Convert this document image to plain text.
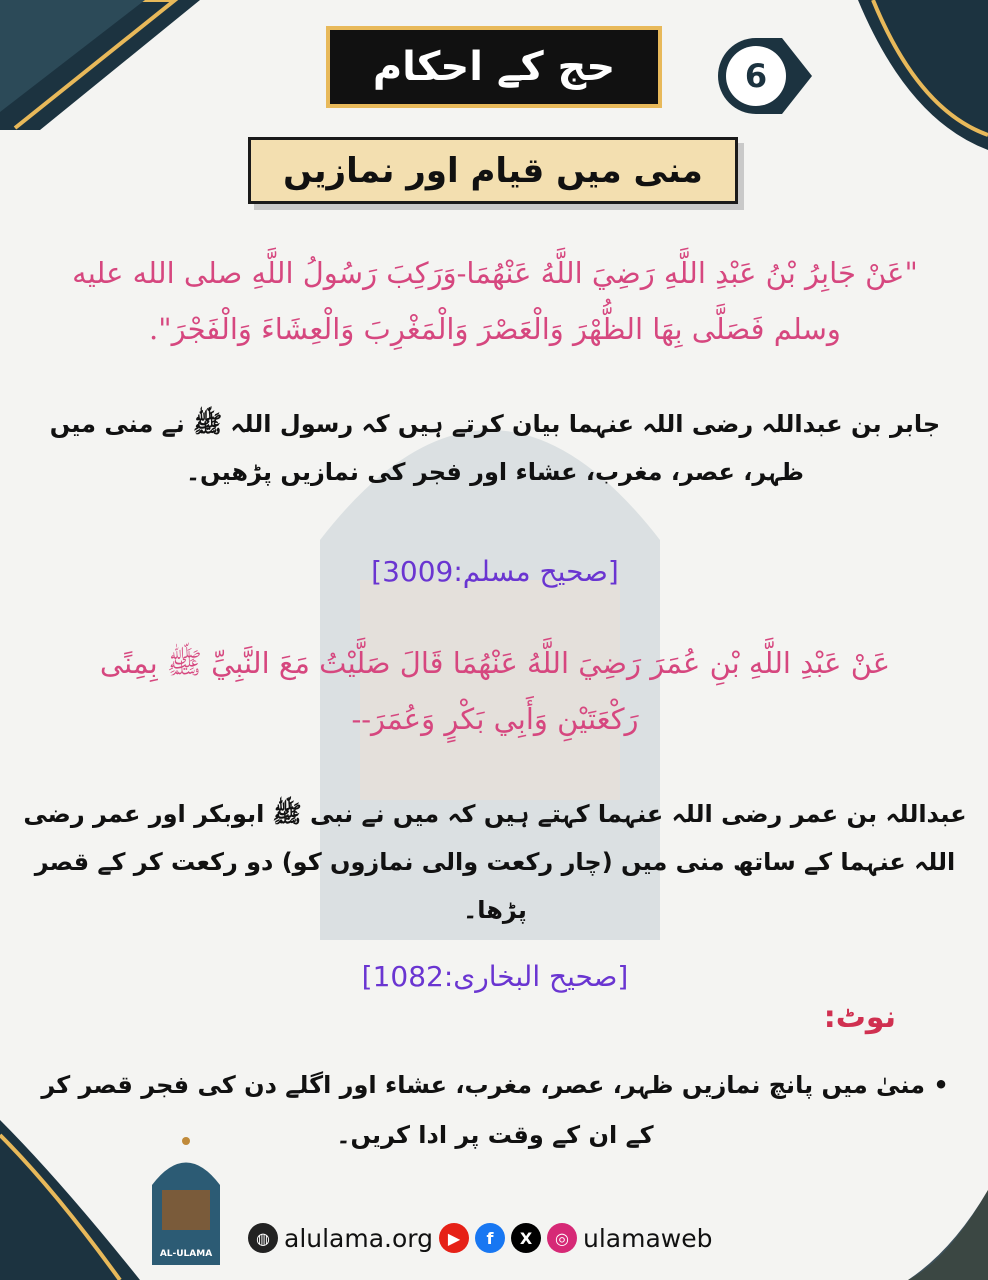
حج کے احکام	6
منی میں قیام اور نمازیں
"عَنْ جَابِرُ بْنُ عَبْدِ اللَّهِ رَضِيَ اللَّهُ عَنْهُمَا-وَرَكِبَ رَسُولُ اللَّهِ صلى الله عليه وسلم فَصَلَّى بِهَا الظُّهْرَ وَالْعَصْرَ وَالْمَغْرِبَ وَالْعِشَاءَ وَالْفَجْرَ".
جابر بن عبداللہ رضی اللہ عنہما بیان کرتے ہیں کہ رسول اللہ ﷺ نے منی میں ظہر، عصر، مغرب، عشاء اور فجر کی نمازیں پڑھیں۔
[صحیح مسلم:3009]
عَنْ عَبْدِ اللَّهِ بْنِ عُمَرَ رَضِيَ اللَّهُ عَنْهُمَا قَالَ صَلَّيْتُ مَعَ النَّبِيِّ ﷺ بِمِنًى رَكْعَتَيْنِ وَأَبِي بَكْرٍ وَعُمَرَ--
عبداللہ بن عمر رضی اللہ عنہما کہتے ہیں کہ میں نے نبی ﷺ ابوبکر اور عمر رضی اللہ عنہما کے ساتھ منی میں (چار رکعت والی نمازوں کو) دو رکعت کر کے قصر پڑھا۔
[صحیح البخاری:1082]
نوٹ:
• منیٰ میں پانچ نمازیں ظہر، عصر، مغرب، عشاء اور اگلے دن کی فجر قصر کر کے ان کے وقت پر ادا کریں۔
AL-ULAMA
◍ alulama.org ▶	f	X	◎ ulamaweb
